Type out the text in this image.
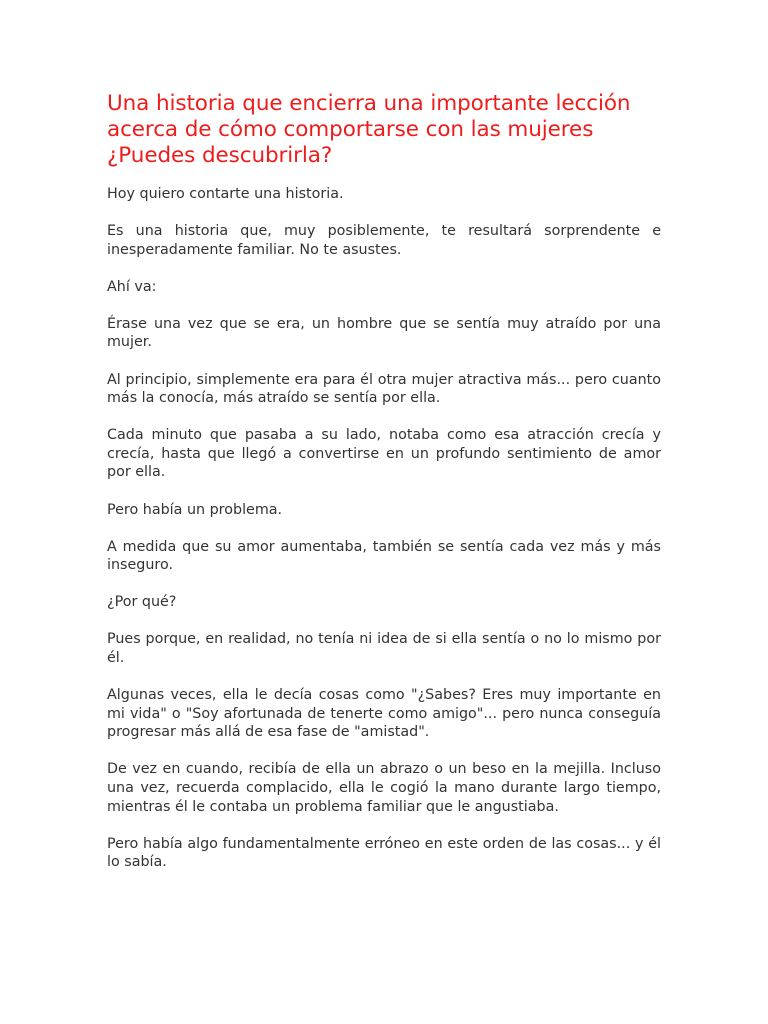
Una historia que encierra una importante lección
acerca de cómo comportarse con las mujeres
¿Puedes descubrirla?

Hoy quiero contarte una historia.

Es una historia que, muy posiblemente, te resultará sorprendente e inesperadamente familiar. No te asustes.

Ahí va:

Érase una vez que se era, un hombre que se sentía muy atraído por una mujer.

Al principio, simplemente era para él otra mujer atractiva más... pero cuanto más la conocía, más atraído se sentía por ella.

Cada minuto que pasaba a su lado, notaba como esa atracción crecía y crecía, hasta que llegó a convertirse en un profundo sentimiento de amor por ella.

Pero había un problema.

A medida que su amor aumentaba, también se sentía cada vez más y más inseguro.

¿Por qué?

Pues porque, en realidad, no tenía ni idea de si ella sentía o no lo mismo por él.

Algunas veces, ella le decía cosas como "¿Sabes? Eres muy importante en mi vida" o "Soy afortunada de tenerte como amigo"... pero nunca conseguía progresar más allá de esa fase de "amistad".

De vez en cuando, recibía de ella un abrazo o un beso en la mejilla. Incluso una vez, recuerda complacido, ella le cogió la mano durante largo tiempo, mientras él le contaba un problema familiar que le angustiaba.

Pero había algo fundamentalmente erróneo en este orden de las cosas... y él lo sabía.
